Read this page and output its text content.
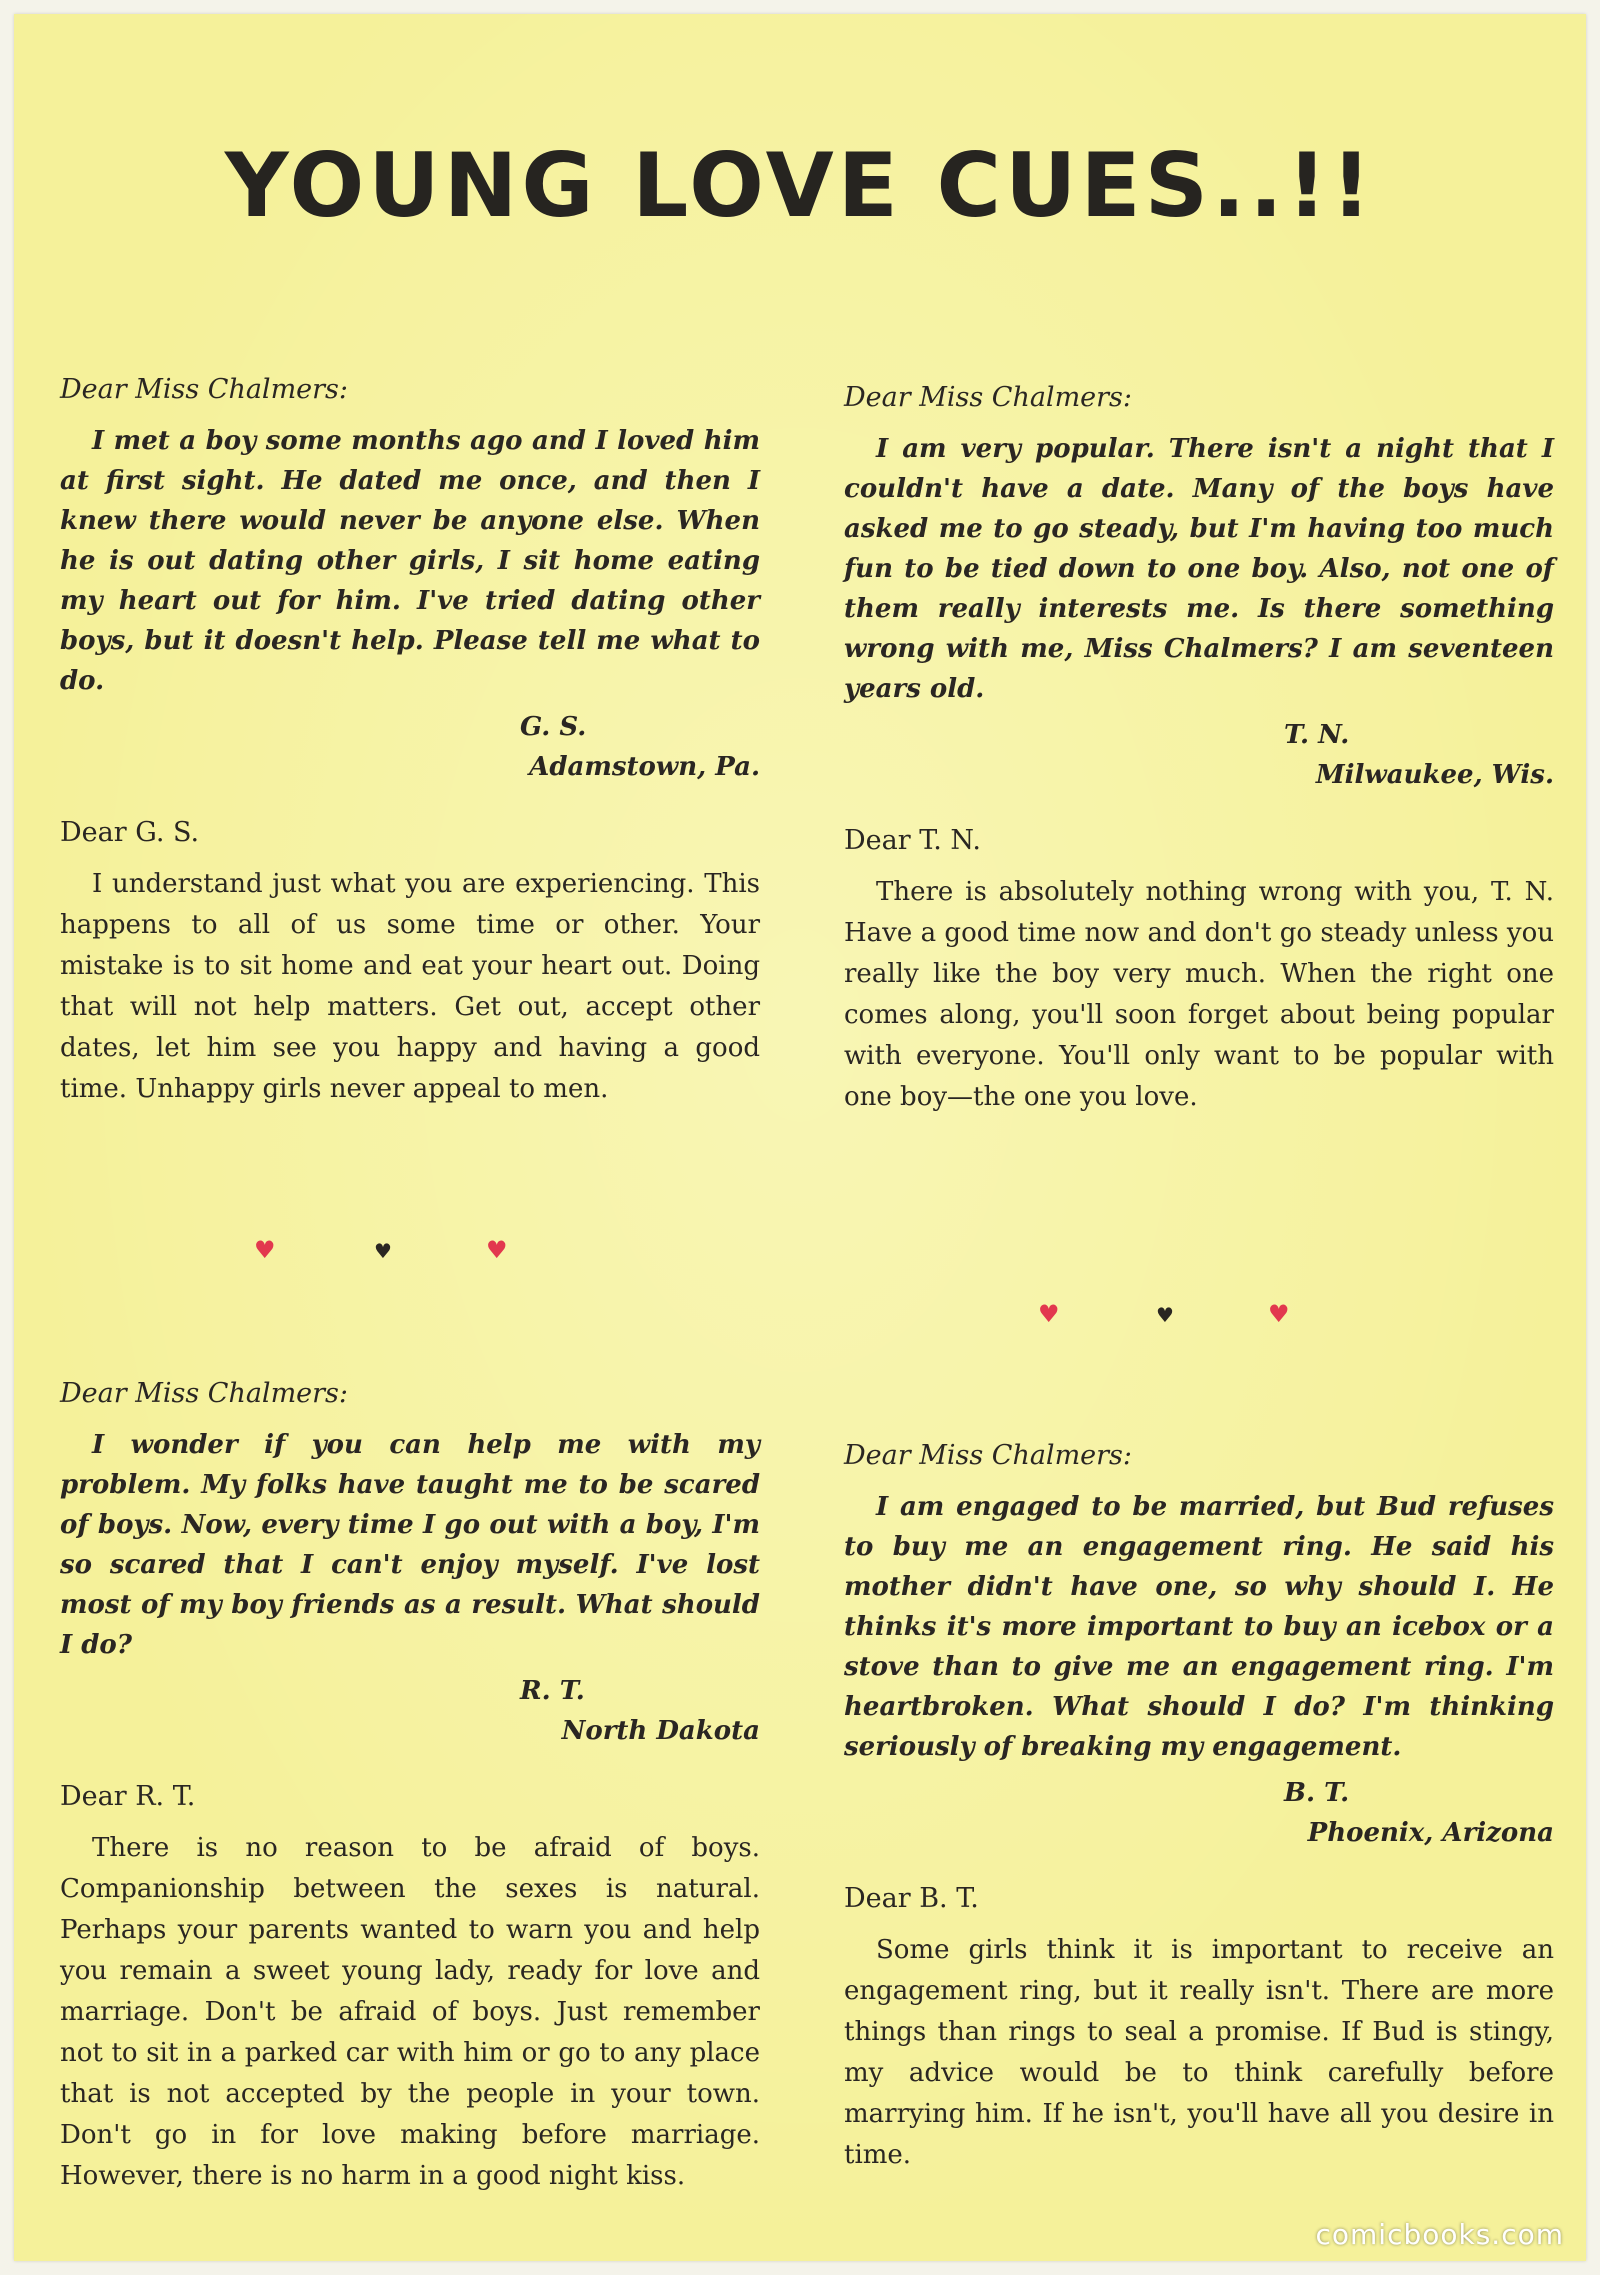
YOUNG LOVE CUES..!!
Dear Miss Chalmers:
I met a boy some months ago and I loved him at first sight. He dated me once, and then I knew there would never be anyone else. When he is out dating other girls, I sit home eating my heart out for him. I've tried dating other boys, but it doesn't help. Please tell me what to do.
G. S.
Adamstown, Pa.
Dear G. S.
I understand just what you are experiencing. This happens to all of us some time or other. Your mistake is to sit home and eat your heart out. Doing that will not help matters. Get out, accept other dates, let him see you happy and having a good time. Unhappy girls never appeal to men.
Dear Miss Chalmers:
I am very popular. There isn't a night that I couldn't have a date. Many of the boys have asked me to go steady, but I'm having too much fun to be tied down to one boy. Also, not one of them really interests me. Is there something wrong with me, Miss Chalmers? I am seventeen years old.
T. N.
Milwaukee, Wis.
Dear T. N.
There is absolutely nothing wrong with you, T. N. Have a good time now and don't go steady unless you really like the boy very much. When the right one comes along, you'll soon forget about being popular with everyone. You'll only want to be popular with one boy—the one you love.
♥	♥	♥
♥	♥	♥
Dear Miss Chalmers:
I wonder if you can help me with my problem. My folks have taught me to be scared of boys. Now, every time I go out with a boy, I'm so scared that I can't enjoy myself. I've lost most of my boy friends as a result. What should I do?
R. T.
North Dakota
Dear R. T.
There is no reason to be afraid of boys. Companionship between the sexes is natural. Perhaps your parents wanted to warn you and help you remain a sweet young lady, ready for love and marriage. Don't be afraid of boys. Just remember not to sit in a parked car with him or go to any place that is not accepted by the people in your town. Don't go in for love making before marriage. However, there is no harm in a good night kiss.
Dear Miss Chalmers:
I am engaged to be married, but Bud refuses to buy me an engagement ring. He said his mother didn't have one, so why should I. He thinks it's more important to buy an icebox or a stove than to give me an engagement ring. I'm heartbroken. What should I do? I'm thinking seriously of breaking my engagement.
B. T.
Phoenix, Arizona
Dear B. T.
Some girls think it is important to receive an engagement ring, but it really isn't. There are more things than rings to seal a promise. If Bud is stingy, my advice would be to think carefully before marrying him. If he isn't, you'll have all you desire in time.
comicbooks.com
